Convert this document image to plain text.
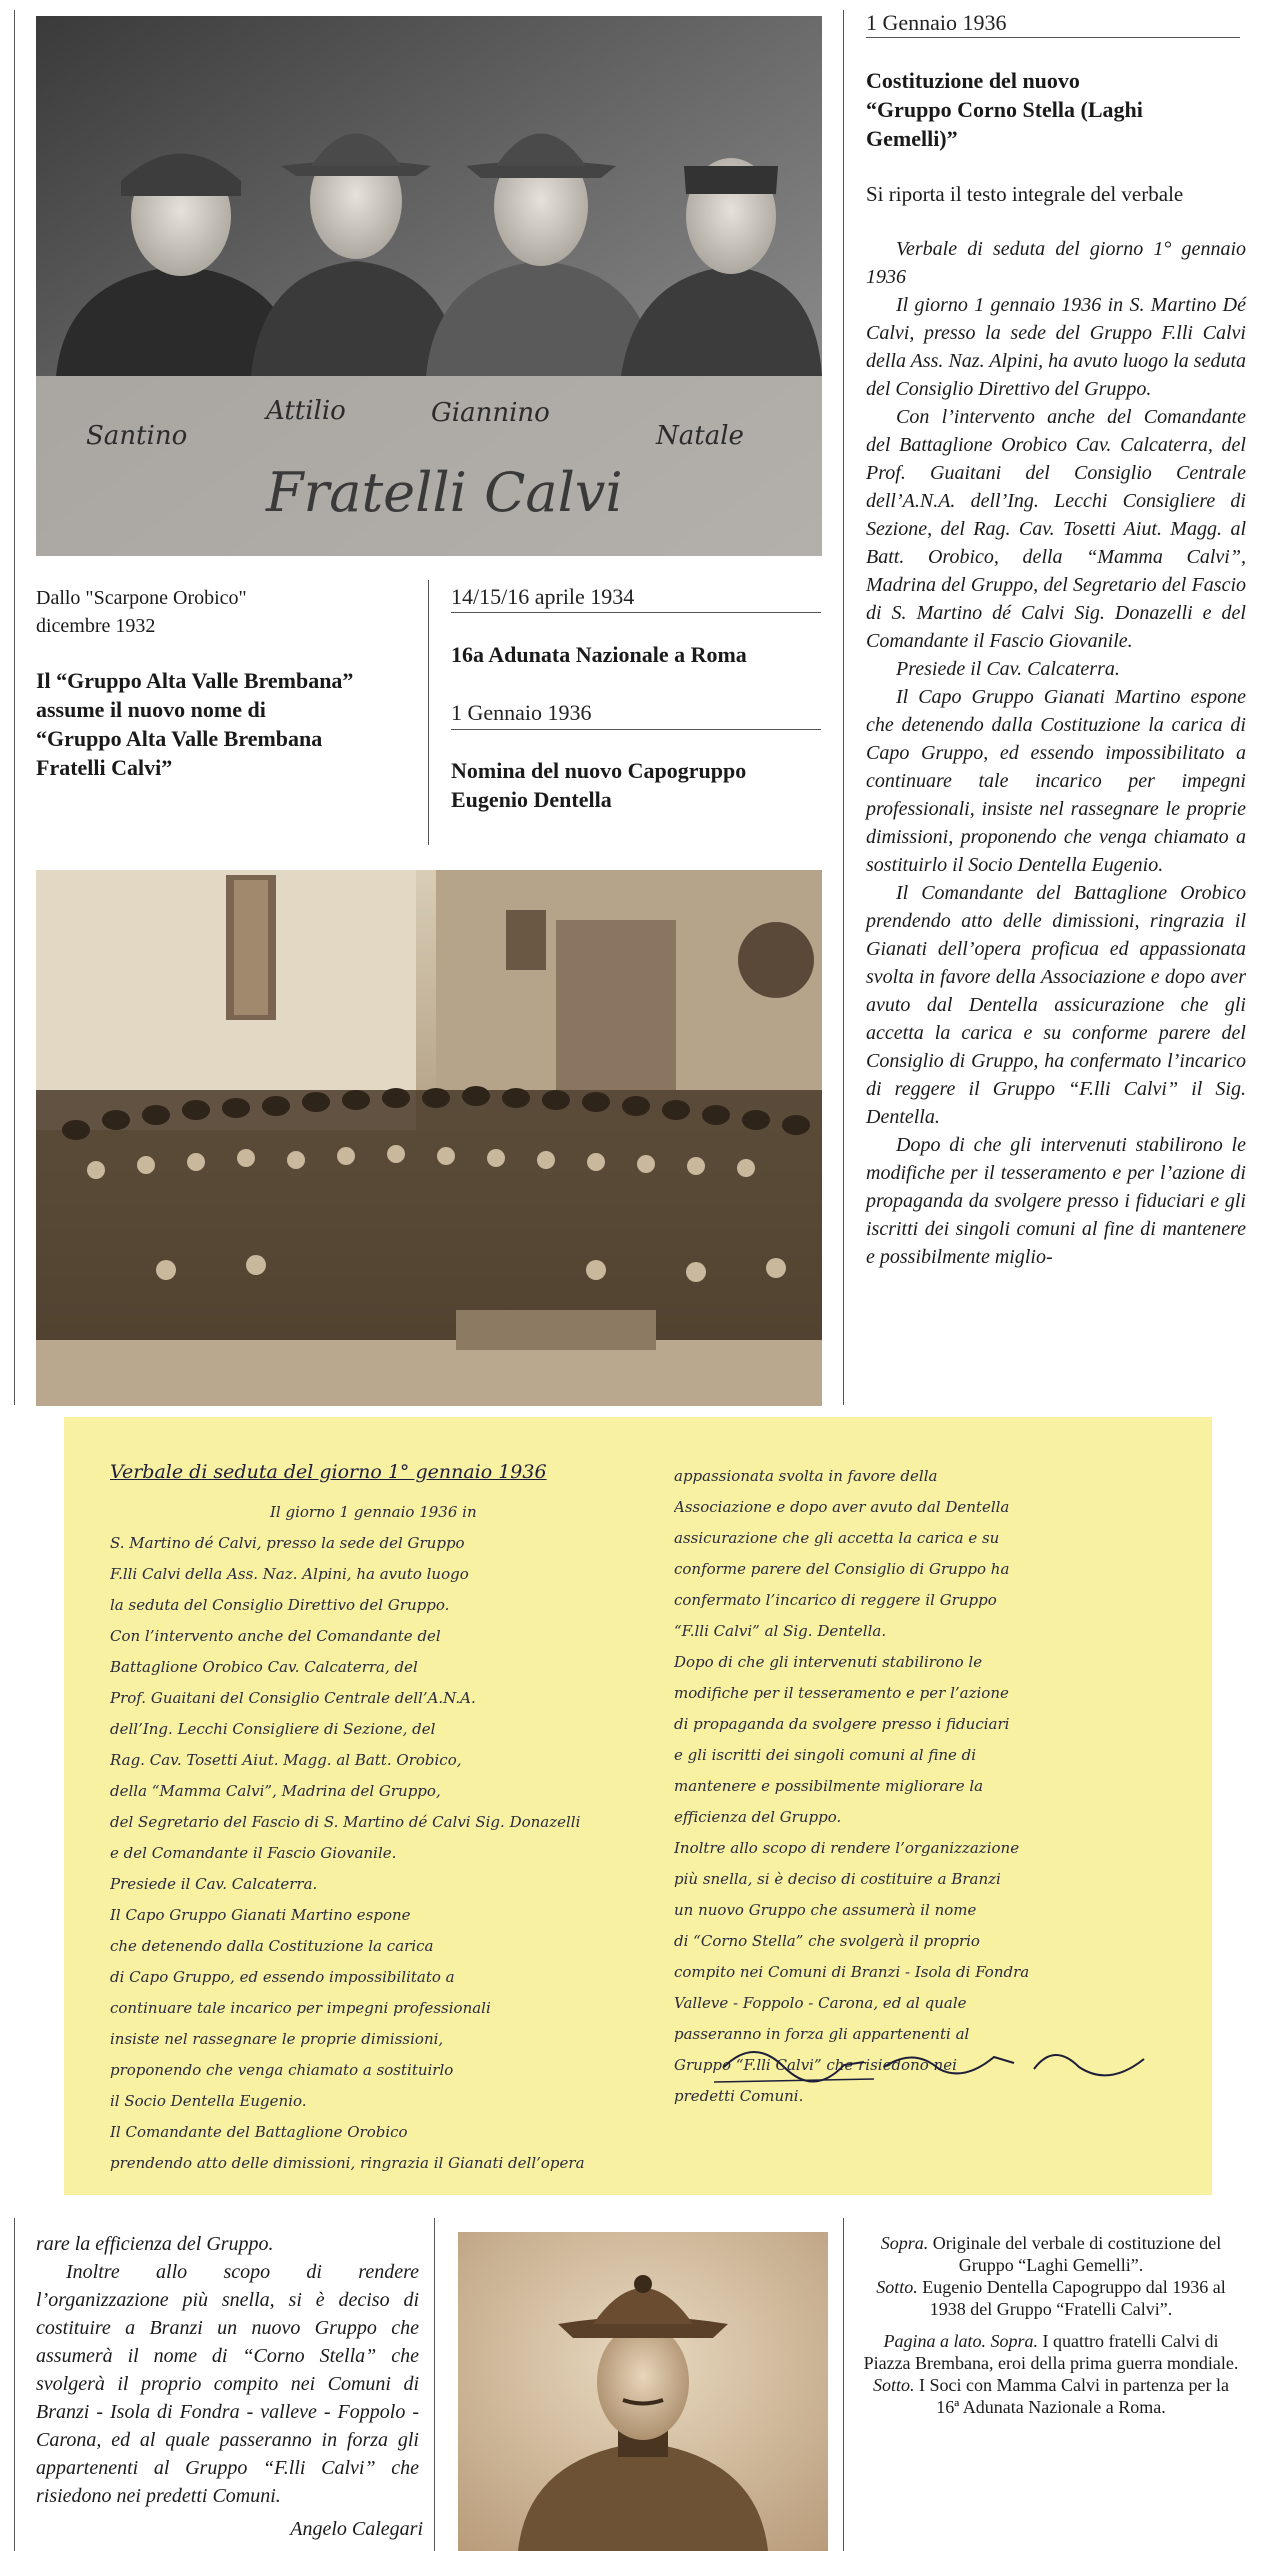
Santino
Attilio	Giannino
Natale
Fratelli Calvi
1 Gennaio 1936
Costituzione del nuovo “Gruppo Corno Stella (Laghi Gemelli)”
Si riporta il testo integrale del verbale

Verbale di seduta del giorno 1° gennaio 1936

Il giorno 1 gennaio 1936 in S. Martino Dé Calvi, presso la sede del Gruppo F.lli Calvi della Ass. Naz. Alpini, ha avuto luogo la seduta del Consiglio Direttivo del Gruppo.

Con l’intervento anche del Comandante del Battaglione Orobico Cav. Calcaterra, del Prof. Guaitani del Consiglio Centrale dell’A.N.A. dell’Ing. Lecchi Consigliere di Sezione, del Rag. Cav. Tosetti Aiut. Magg. al Batt. Orobico, della “Mamma Calvi”, Madrina del Gruppo, del Segretario del Fascio di S. Martino dé Calvi Sig. Donazelli e del Comandante il Fascio Giovanile.

Presiede il Cav. Calcaterra.

Il Capo Gruppo Gianati Martino espone che detenendo dalla Costituzione la carica di Capo Gruppo, ed essendo impossibilitato a continuare tale incarico per impegni professionali, insiste nel rassegnare le proprie dimissioni, proponendo che venga chiamato a sostituirlo il Socio Dentella Eugenio.

Il Comandante del Battaglione Orobico prendendo atto delle dimissioni, ringrazia il Gianati dell’opera proficua ed appassionata svolta in favore della Associazione e dopo aver avuto dal Dentella assicurazione che gli accetta la carica e su conforme parere del Consiglio di Gruppo, ha confermato l’incarico di reggere il Gruppo “F.lli Calvi” il Sig. Dentella.

Dopo di che gli intervenuti stabilirono le modifiche per il tesseramento e per l’azione di propaganda da svolgere presso i fiduciari e gli iscritti dei singoli comuni al fine di mantenere e possibilmente miglio-

Dallo "Scarpone Orobico" dicembre 1932
Il “Gruppo Alta Valle Brembana” assume il nuovo nome di “Gruppo Alta Valle Brembana Fratelli Calvi”
14/15/16 aprile 1934
16a Adunata Nazionale a Roma
1 Gennaio 1936
Nomina del nuovo Capogruppo Eugenio Dentella
Verbale di seduta del giorno 1° gennaio 1936
Il giorno 1 gennaio 1936 in
S. Martino dé Calvi, presso la sede del Gruppo
F.lli Calvi della Ass. Naz. Alpini, ha avuto luogo
la seduta del Consiglio Direttivo del Gruppo.
Con l’intervento anche del Comandante del
Battaglione Orobico Cav. Calcaterra, del
Prof. Guaitani del Consiglio Centrale dell’A.N.A.
dell’Ing. Lecchi Consigliere di Sezione, del
Rag. Cav. Tosetti Aiut. Magg. al Batt. Orobico,
della “Mamma Calvi”, Madrina del Gruppo,
del Segretario del Fascio di S. Martino dé Calvi Sig. Donazelli
e del Comandante il Fascio Giovanile.
Presiede il Cav. Calcaterra.
Il Capo Gruppo Gianati Martino espone
che detenendo dalla Costituzione la carica
di Capo Gruppo, ed essendo impossibilitato a
continuare tale incarico per impegni professionali
insiste nel rassegnare le proprie dimissioni,
proponendo che venga chiamato a sostituirlo
il Socio Dentella Eugenio.
Il Comandante del Battaglione Orobico
prendendo atto delle dimissioni, ringrazia il Gianati dell’opera
appassionata svolta in favore della
Associazione e dopo aver avuto dal Dentella
assicurazione che gli accetta la carica e su
conforme parere del Consiglio di Gruppo ha
confermato l’incarico di reggere il Gruppo
“F.lli Calvi” al Sig. Dentella.
Dopo di che gli intervenuti stabilirono le
modifiche per il tesseramento e per l’azione
di propaganda da svolgere presso i fiduciari
e gli iscritti dei singoli comuni al fine di
mantenere e possibilmente migliorare la
efficienza del Gruppo.
Inoltre allo scopo di rendere l’organizzazione
più snella, si è deciso di costituire a Branzi
un nuovo Gruppo che assumerà il nome
di “Corno Stella” che svolgerà il proprio
compito nei Comuni di Branzi - Isola di Fondra
Valleve - Foppolo - Carona, ed al quale
passeranno in forza gli appartenenti al
Gruppo “F.lli Calvi” che risiedono nei
predetti Comuni.

rare la efficienza del Gruppo.

Inoltre allo scopo di rendere l’organizzazione più snella, si è deciso di costituire a Branzi un nuovo Gruppo che assumerà il nome di “Corno Stella” che svolgerà il proprio compito nei Comuni di Branzi - Isola di Fondra - valleve - Foppolo - Carona, ed al quale passeranno in forza gli appartenenti al Gruppo “F.lli Calvi” che risiedono nei predetti Comuni.

Angelo Calegari

Sopra. Originale del verbale di costituzione del Gruppo “Laghi Gemelli”.
Sotto. Eugenio Dentella Capogruppo dal 1936 al 1938 del Gruppo “Fratelli Calvi”.

Pagina a lato. Sopra. I quattro fratelli Calvi di Piazza Brembana, eroi della prima guerra mondiale.
Sotto. I Soci con Mamma Calvi in partenza per la 16ª Adunata Nazionale a Roma.
